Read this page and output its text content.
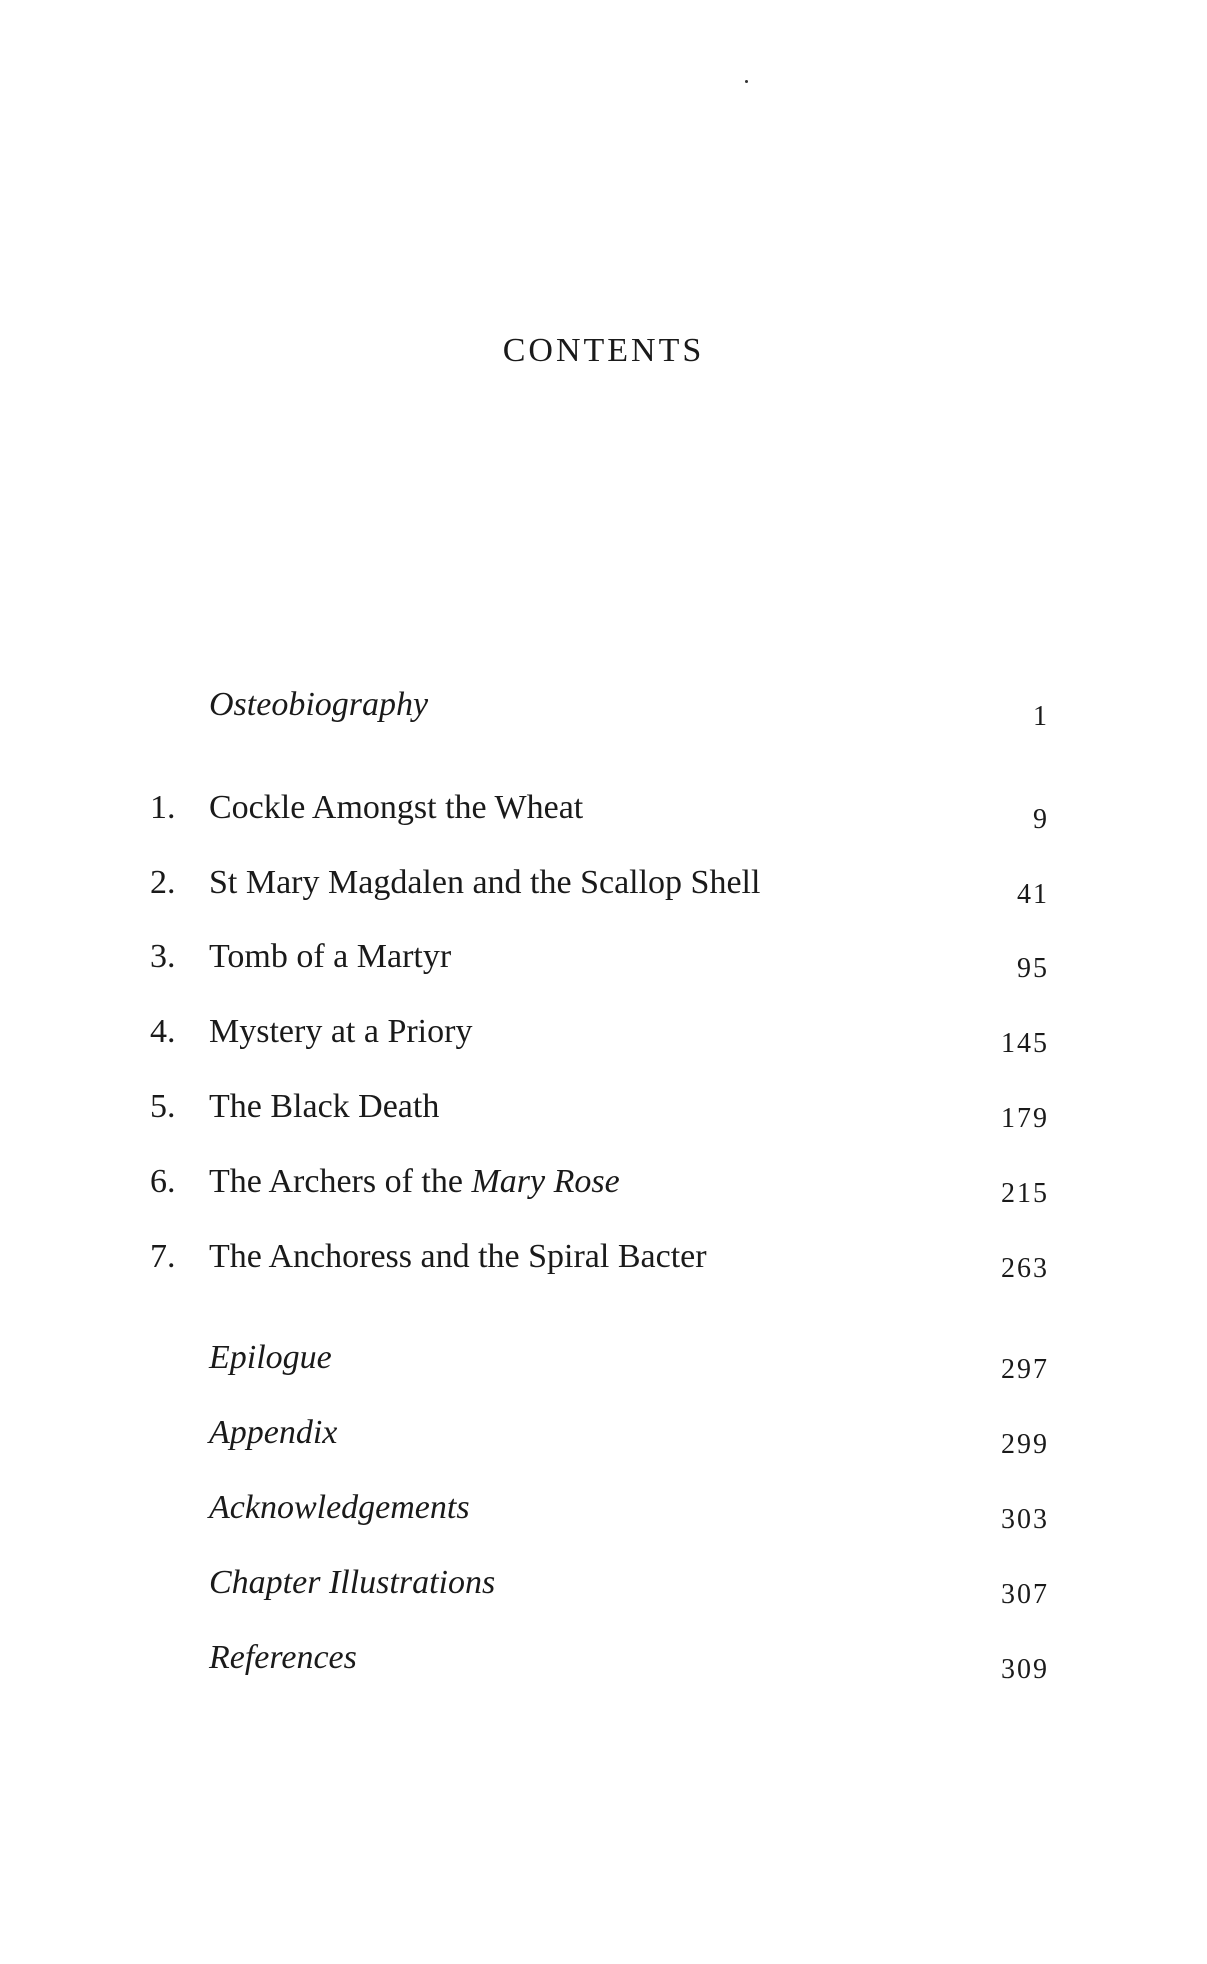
CONTENTS
Osteobiography	1
1. Cockle Amongst the Wheat	9
2. St Mary Magdalen and the Scallop Shell	41
3. Tomb of a Martyr	95
4. Mystery at a Priory	145
5. The Black Death	179
6. The Archers of the Mary Rose	215
7. The Anchoress and the Spiral Bacter	263
Epilogue	297
Appendix	299
Acknowledgements	303
Chapter Illustrations	307
References	309
